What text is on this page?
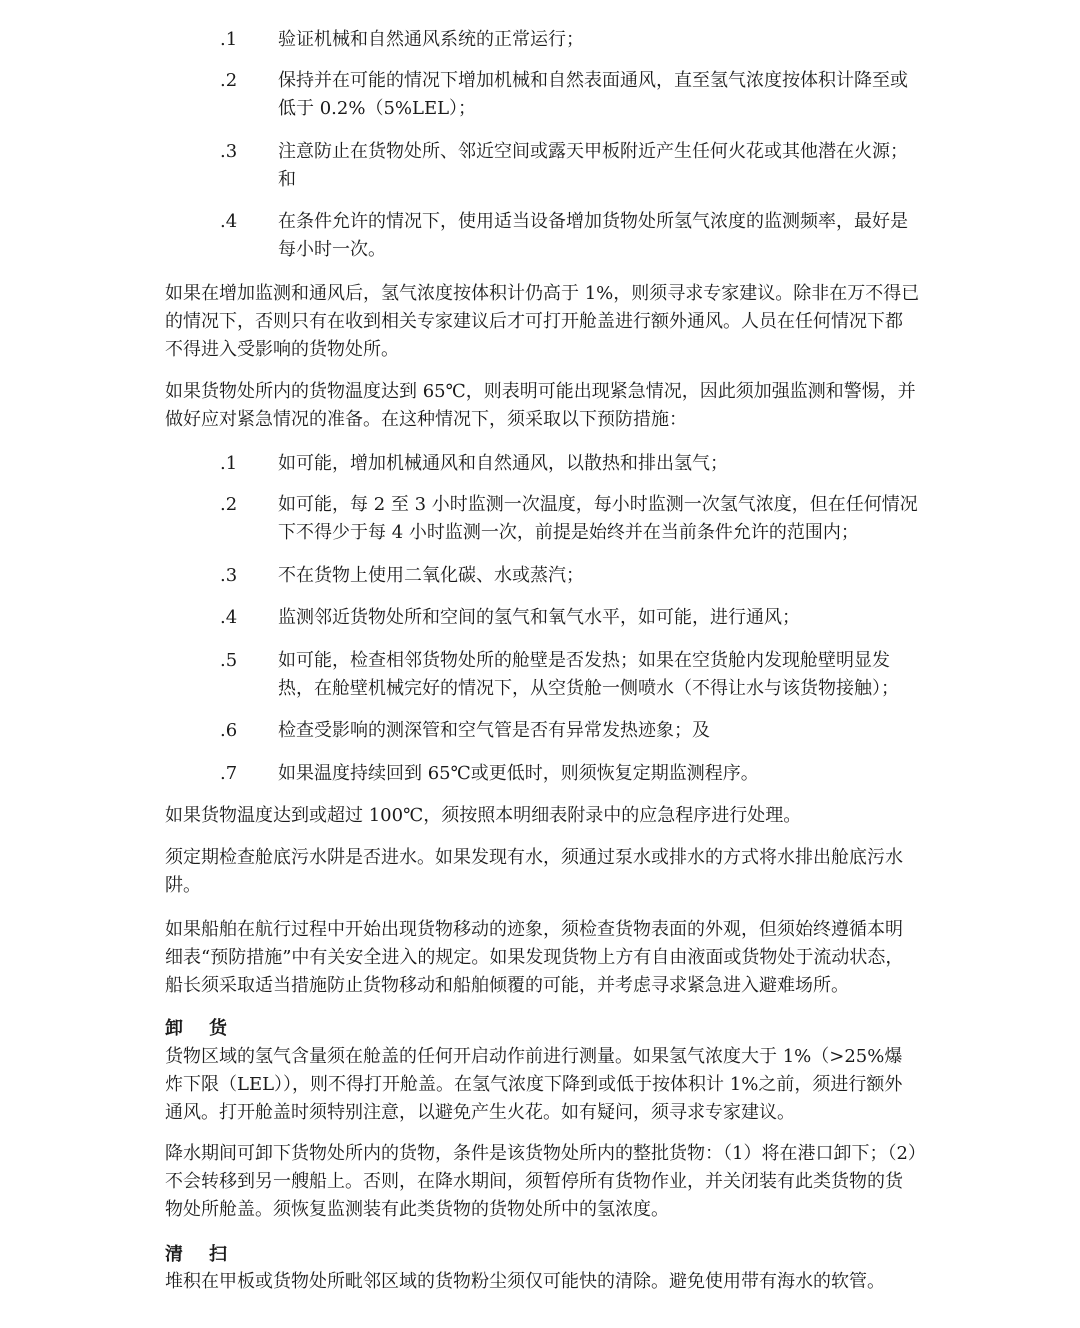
.1	验证机械和自然通风系统的正常运行；
.2	保持并在可能的情况下增加机械和自然表面通风，直至氢气浓度按体积计降至或低于 0.2%（5%LEL）；
.3	注意防止在货物处所、邻近空间或露天甲板附近产生任何火花或其他潜在火源；和
.4	在条件允许的情况下，使用适当设备增加货物处所氢气浓度的监测频率，最好是每小时一次。

如果在增加监测和通风后，氢气浓度按体积计仍高于 1%，则须寻求专家建议。除非在万不得已的情况下，否则只有在收到相关专家建议后才可打开舱盖进行额外通风。人员在任何情况下都不得进入受影响的货物处所。

如果货物处所内的货物温度达到 65℃，则表明可能出现紧急情况，因此须加强监测和警惕，并做好应对紧急情况的准备。在这种情况下，须采取以下预防措施：

.1	如可能，增加机械通风和自然通风，以散热和排出氢气；
.2	如可能，每 2 至 3 小时监测一次温度，每小时监测一次氢气浓度，但在任何情况下不得少于每 4 小时监测一次，前提是始终并在当前条件允许的范围内；
.3	不在货物上使用二氧化碳、水或蒸汽；
.4	监测邻近货物处所和空间的氢气和氧气水平，如可能，进行通风；
.5	如可能，检查相邻货物处所的舱壁是否发热；如果在空货舱内发现舱壁明显发热，在舱壁机械完好的情况下，从空货舱一侧喷水（不得让水与该货物接触）；
.6	检查受影响的测深管和空气管是否有异常发热迹象；及
.7	如果温度持续回到 65℃或更低时，则须恢复定期监测程序。

如果货物温度达到或超过 100℃，须按照本明细表附录中的应急程序进行处理。

须定期检查舱底污水阱是否进水。如果发现有水，须通过泵水或排水的方式将水排出舱底污水阱。

如果船舶在航行过程中开始出现货物移动的迹象，须检查货物表面的外观，但须始终遵循本明细表“预防措施”中有关安全进入的规定。如果发现货物上方有自由液面或货物处于流动状态，船长须采取适当措施防止货物移动和船舶倾覆的可能，并考虑寻求紧急进入避难场所。

卸货

货物区域的氢气含量须在舱盖的任何开启动作前进行测量。如果氢气浓度大于 1%（>25%爆炸下限（LEL）），则不得打开舱盖。在氢气浓度下降到或低于按体积计 1%之前，须进行额外通风。打开舱盖时须特别注意，以避免产生火花。如有疑问，须寻求专家建议。

降水期间可卸下货物处所内的货物，条件是该货物处所内的整批货物：（1）将在港口卸下；（2）不会转移到另一艘船上。否则，在降水期间，须暂停所有货物作业，并关闭装有此类货物的货物处所舱盖。须恢复监测装有此类货物的货物处所中的氢浓度。

清扫

堆积在甲板或货物处所毗邻区域的货物粉尘须仅可能快的清除。避免使用带有海水的软管。
